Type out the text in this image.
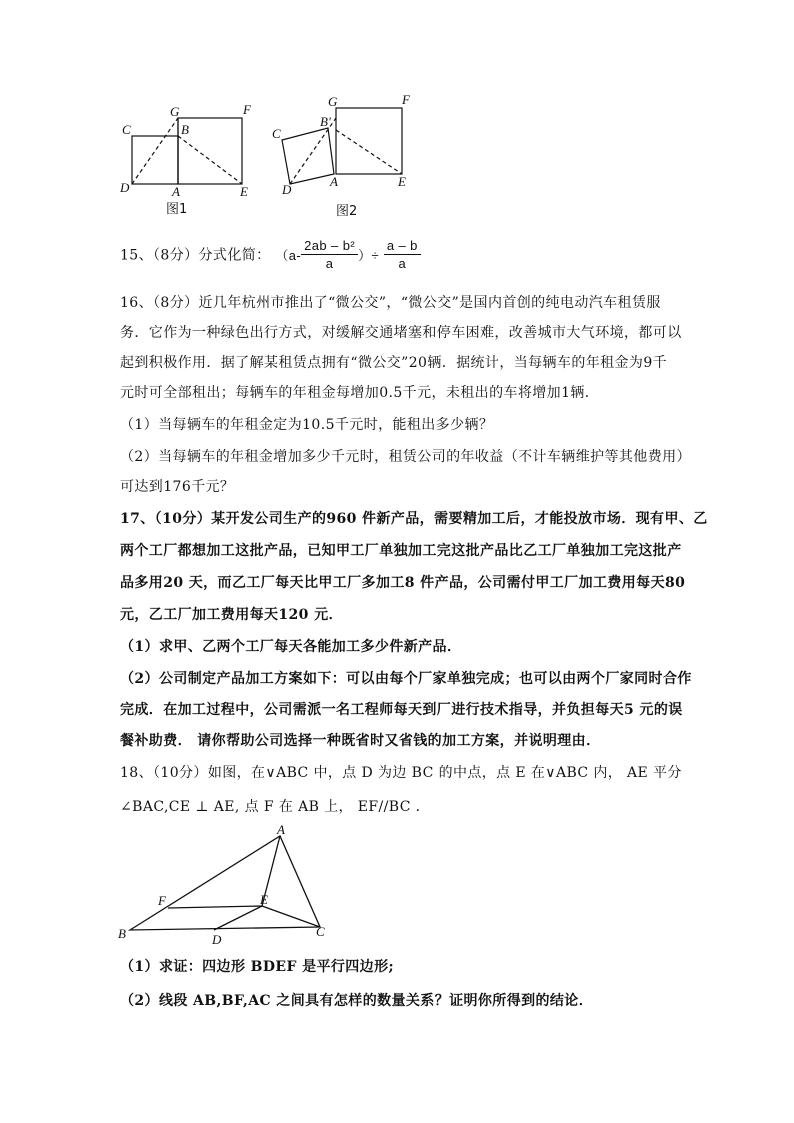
G	F
C	B
D	A	E
图1
G	F
B'
C
D
A	E
图2
15、（8分）分式化简： （$a- \frac{\text{2ab – b²}}{a}$ ）÷ $\frac{a - b}{a}$
16、（8分）近几年杭州市推出了“微公交”，“微公交”是国内首创的纯电动汽车租赁服
务．它作为一种绿色出行方式，对缓解交通堵塞和停车困难，改善城市大气环境，都可以
起到积极作用．据了解某租赁点拥有“微公交”20辆．据统计，当每辆车的年租金为9千
元时可全部租出；每辆车的年租金每增加0.5千元，未租出的车将增加1辆．
（1）当每辆车的年租金定为10.5千元时，能租出多少辆？
（2）当每辆车的年租金增加多少千元时，租赁公司的年收益（不计车辆维护等其他费用）
可达到176千元？
17、（10分）某开发公司生产的960 件新产品，需要精加工后，才能投放市场．现有甲、乙
两个工厂都想加工这批产品，已知甲工厂单独加工完这批产品比乙工厂单独加工完这批产
品多用20 天，而乙工厂每天比甲工厂多加工8 件产品，公司需付甲工厂加工费用每天80
元，乙工厂加工费用每天120 元．
（1）求甲、乙两个工厂每天各能加工多少件新产品．
（2）公司制定产品加工方案如下：可以由每个厂家单独完成；也可以由两个厂家同时合作
完成．在加工过程中，公司需派一名工程师每天到厂进行技术指导，并负担每天5 元的误
餐补助费． 请你帮助公司选择一种既省时又省钱的加工方案，并说明理由．
18、（10分）如图，在∨ABC 中，点 D 为边 BC 的中点，点 E 在∨ABC 内， AE 平分
∠BAC,CE ⊥ AE, 点 F 在 AB 上， EF//BC ．
A
F	E
B	D
C
（1）求证：四边形 BDEF 是平行四边形;
（2）线段 AB,BF,AC 之间具有怎样的数量关系？证明你所得到的结论．
